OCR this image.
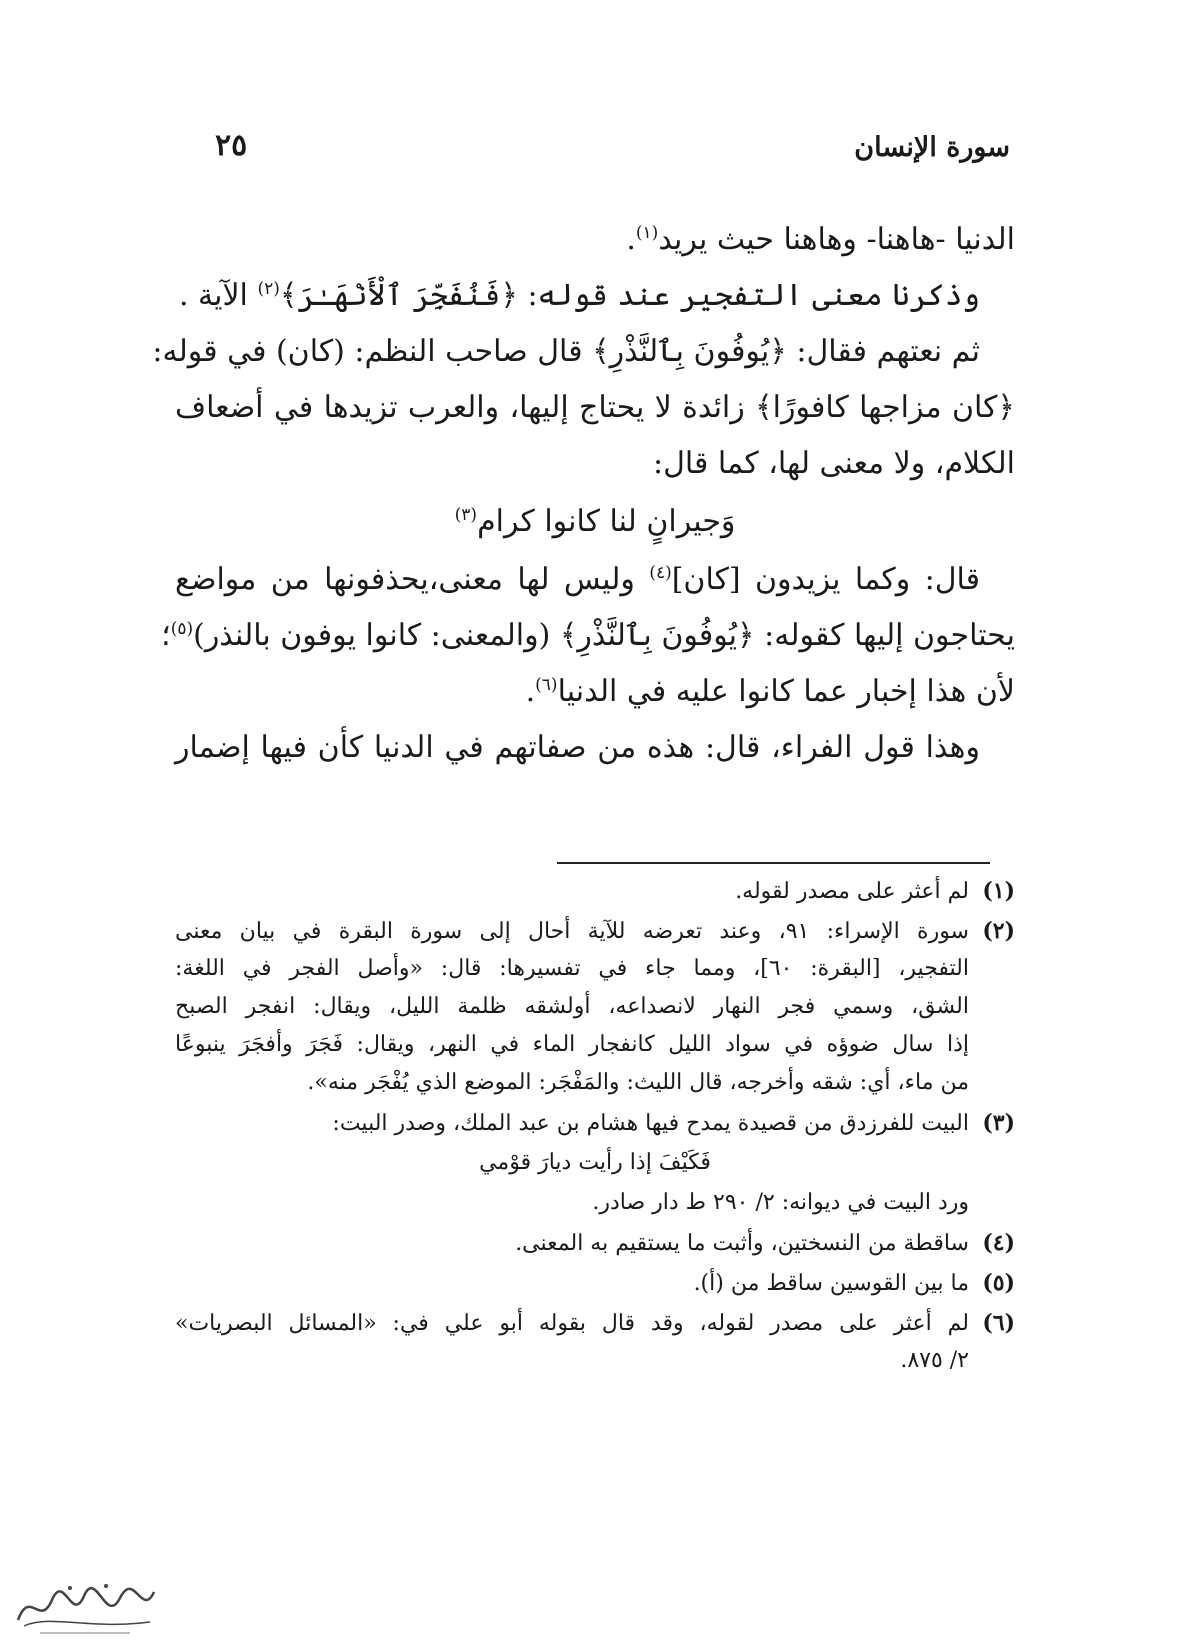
سورة الإنسان
٢٥
الدنيا -هاهنا- وهاهنا حيث يريد$^{(١)}$.
وذكرنا معنى التفجير عند قوله: ﴿فَنُفَجِّرَ ٱلْأَنْهَـٰرَ﴾$^{(٢)}$ الآية .
ثم نعتهم فقال: ﴿يُوفُونَ بِٱلنَّذْرِ﴾ قال صاحب النظم: (كان) في قوله:
﴿كان مزاجها كافورًا﴾ زائدة لا يحتاج إليها، والعرب تزيدها في أضعاف
الكلام، ولا معنى لها، كما قال:
وَجيرانٍ لنا كانوا كرام$^{(٣)}$
قال: وكما يزيدون [كان]$^{(٤)}$ وليس لها معنى،يحذفونها من مواضع
يحتاجون إليها كقوله: ﴿يُوفُونَ بِٱلنَّذْرِ﴾ (والمعنى: كانوا يوفون بالنذر)$^{(٥)}$؛
لأن هذا إخبار عما كانوا عليه في الدنيا$^{(٦)}$.
وهذا قول الفراء، قال: هذه من صفاتهم في الدنيا كأن فيها إضمار
(١)لم أعثر على مصدر لقوله.
(٢)سورة الإسراء: ٩١، وعند تعرضه للآية أحال إلى سورة البقرة في بيان معنى
التفجير، [البقرة: ٦٠]، ومما جاء في تفسيرها: قال: «وأصل الفجر في اللغة:
الشق، وسمي فجر النهار لانصداعه، أولشقه ظلمة الليل، ويقال: انفجر الصبح
إذا سال ضوؤه في سواد الليل كانفجار الماء في النهر، ويقال: فَجَرَ وأفجَرَ ينبوعًا
من ماء، أي: شقه وأخرجه، قال الليث: والمَفْجَر: الموضع الذي يُفْجَر منه».
(٣)البيت للفرزدق من قصيدة يمدح فيها هشام بن عبد الملك، وصدر البيت:
فَكَيْفَ إذا رأيت ديارَ قوْمي
ورد البيت في ديوانه: ٢/ ٢٩٠ ط دار صادر.
(٤)ساقطة من النسختين، وأثبت ما يستقيم به المعنى.
(٥)ما بين القوسين ساقط من (أ).
(٦)لم أعثر على مصدر لقوله، وقد قال بقوله أبو علي في: «المسائل البصريات»
٢/ ٨٧٥.
